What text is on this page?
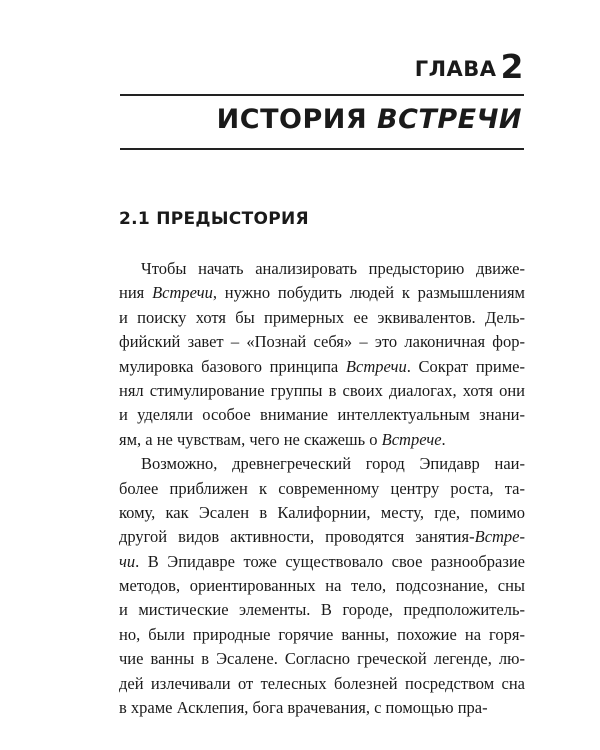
ГЛАВА 2
ИСТОРИЯ ВСТРЕЧИ
2.1 ПРЕДЫСТОРИЯ
Чтобы начать анализировать предысторию движе-
ния Встречи, нужно побудить людей к размышлениям
и поиску хотя бы примерных ее эквивалентов. Дель-
фийский завет – «Познай себя» – это лаконичная фор-
мулировка базового принципа Встречи. Сократ приме-
нял стимулирование группы в своих диалогах, хотя они
и уделяли особое внимание интеллектуальным знани-
ям, а не чувствам, чего не скажешь о Встрече.
Возможно, древнегреческий город Эпидавр наи-
более приближен к современному центру роста, та-
кому, как Эсален в Калифорнии, месту, где, помимо
другой видов активности, проводятся занятия-Встре-
чи. В Эпидавре тоже существовало свое разнообразие
методов, ориентированных на тело, подсознание, сны
и мистические элементы. В городе, предположитель-
но, были природные горячие ванны, похожие на горя-
чие ванны в Эсалене. Согласно греческой легенде, лю-
дей излечивали от телесных болезней посредством сна
в храме Асклепия, бога врачевания, с помощью пра-
